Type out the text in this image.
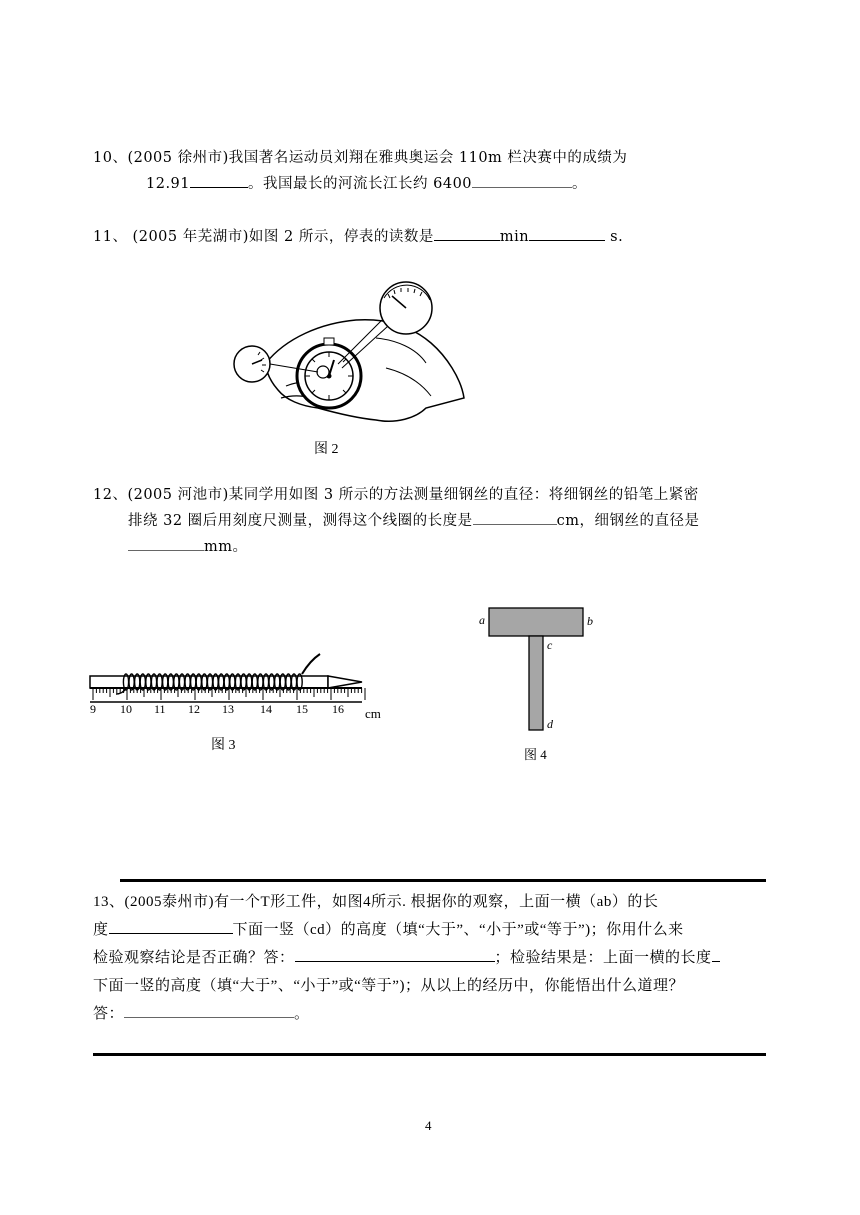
10、(2005 徐州市)我国著名运动员刘翔在雅典奥运会 110m 栏决赛中的成绩为
12.91	。我国最长的河流长江长约 6400	。
11、 (2005 年芜湖市)如图 2 所示，停表的读数是	min	s.
图 2
12、(2005 河池市)某同学用如图 3 所示的方法测量细钢丝的直径：将细钢丝的铅笔上紧密
排绕 32 圈后用刻度尺测量，测得这个线圈的长度是	cm，细钢丝的直径是
mm。
9 10 11 12 13 14 15 16 cm
图 3
a	b
c
d
图 4
13、(2005泰州市)有一个T形工件，如图4所示. 根据你的观察，上面一横（ab）的长
度	下面一竖（cd）的高度（填“大于”、“小于”或“等于”)；你用什么来
检验观察结论是否正确？答：	；检验结果是：上面一横的长度
下面一竖的高度（填“大于”、“小于”或“等于”)；从以上的经历中，你能悟出什么道理？
答：	。
4
